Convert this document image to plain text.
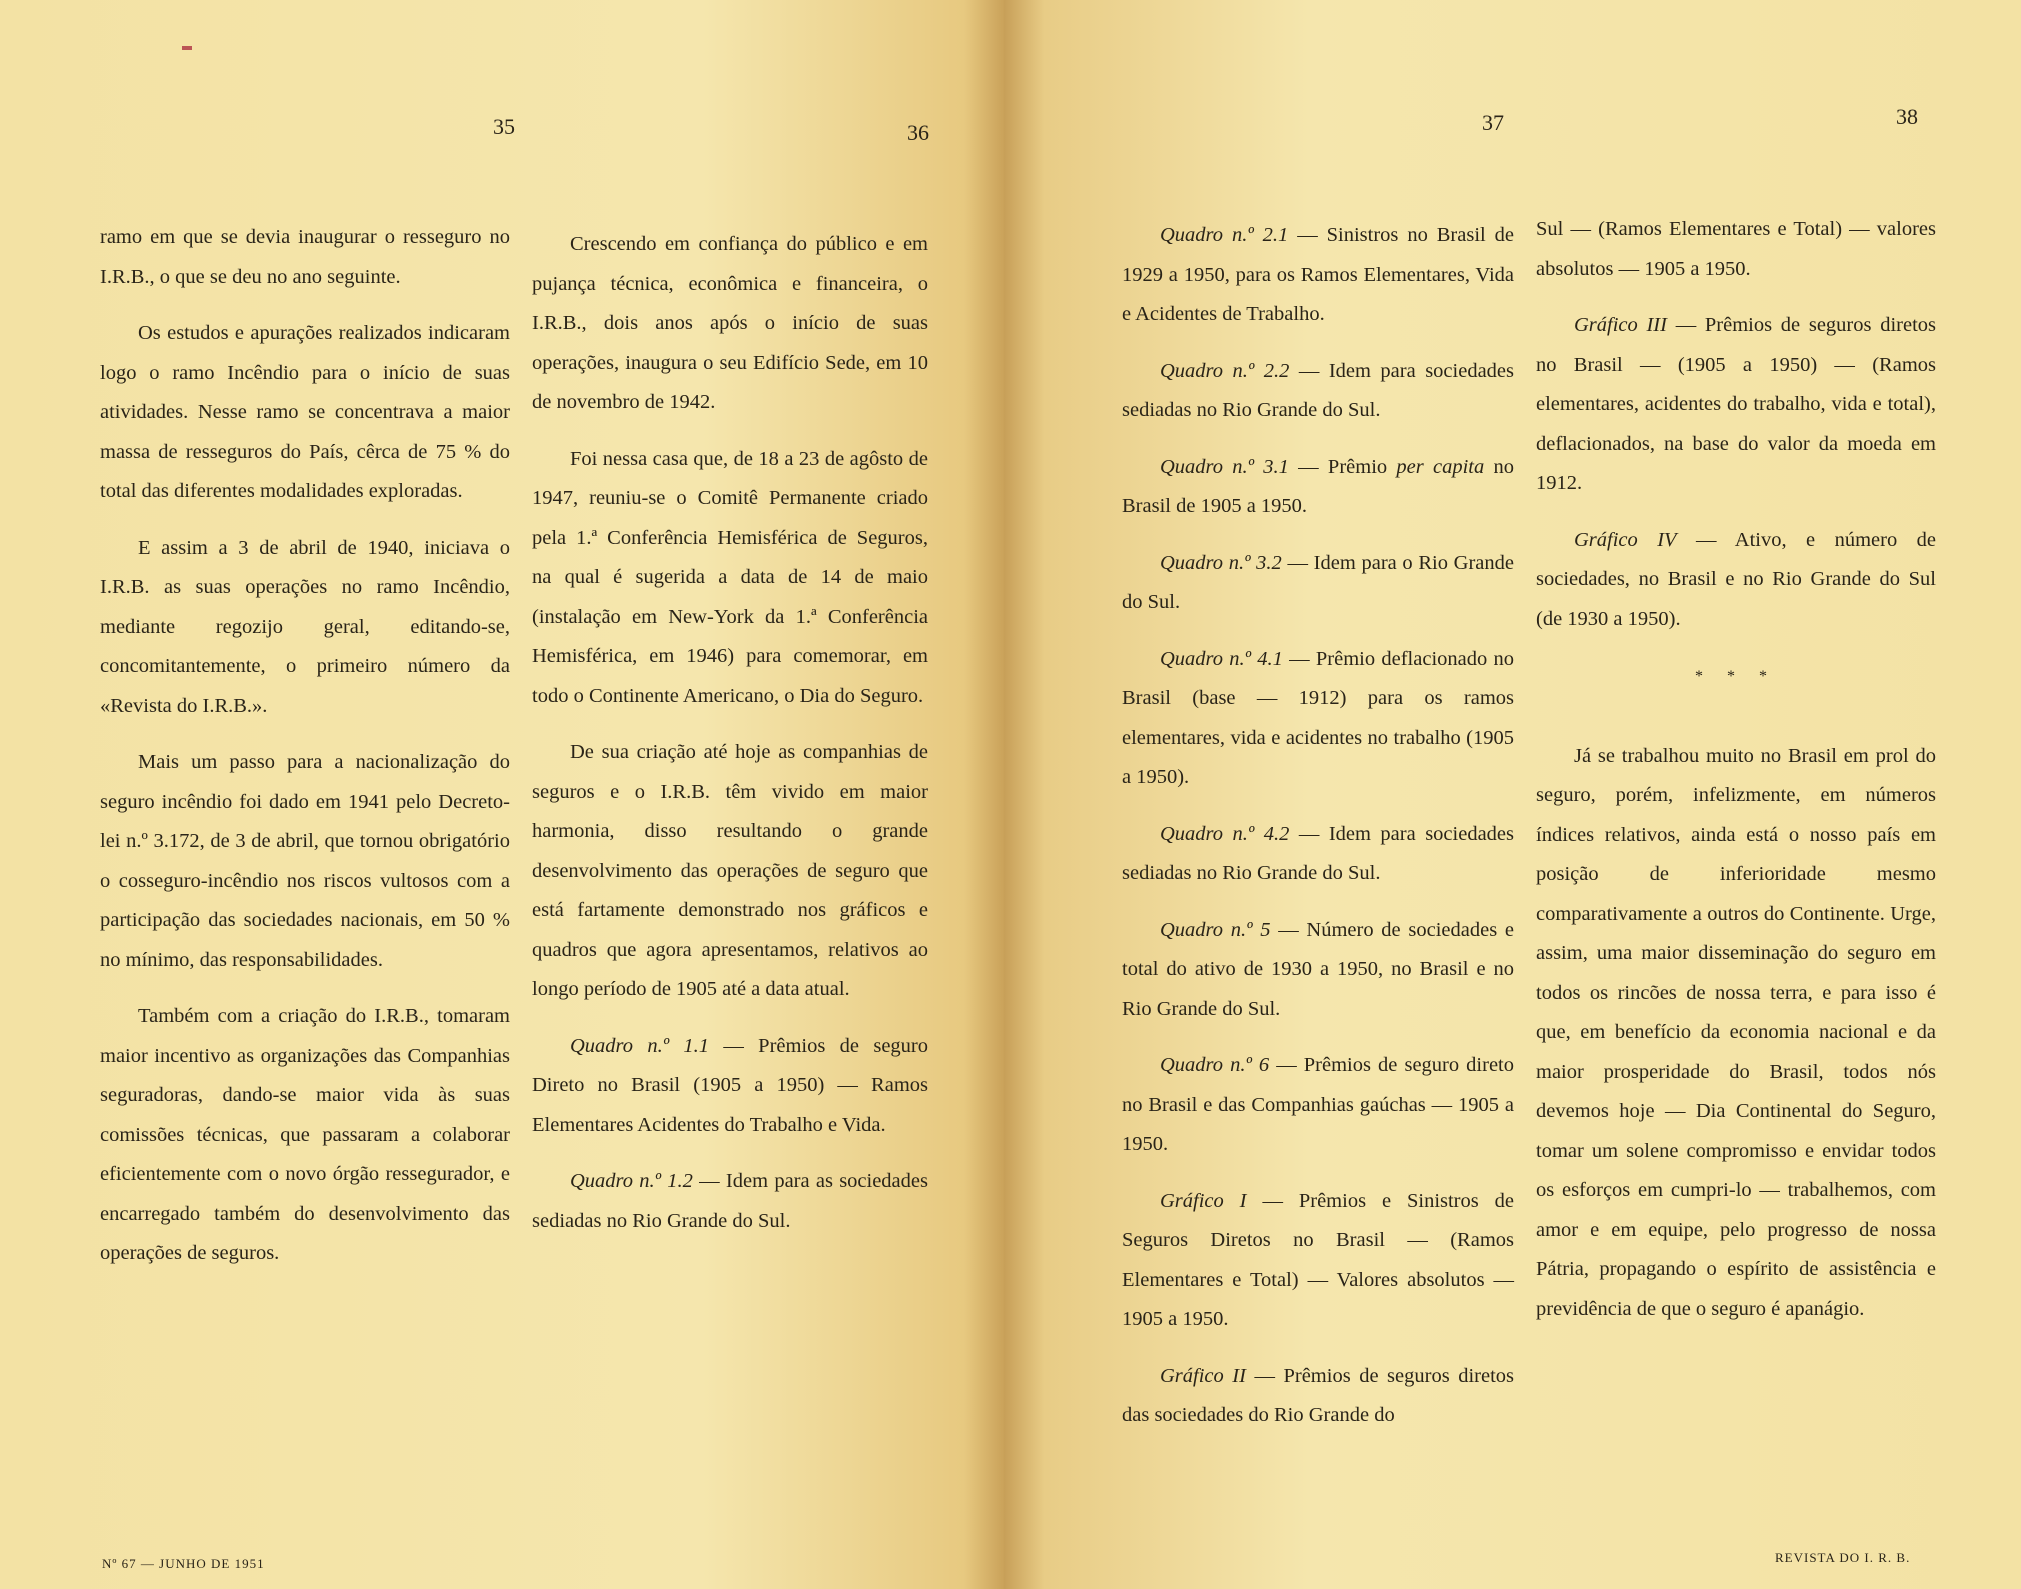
35	36

ramo em que se devia inaugurar o resseguro no I.R.B., o que se deu no ano seguinte.

Os estudos e apurações realizados indicaram logo o ramo Incêndio para o início de suas atividades. Nesse ramo se concentrava a maior massa de resseguros do País, cêrca de 75 % do total das diferentes modalidades exploradas.

E assim a 3 de abril de 1940, iniciava o I.R.B. as suas operações no ramo Incêndio, mediante regozijo geral, editando-se, concomitantemente, o primeiro número da «Revista do I.R.B.».

Mais um passo para a nacionalização do seguro incêndio foi dado em 1941 pelo Decreto-lei n.º 3.172, de 3 de abril, que tornou obrigatório o cosseguro-incêndio nos riscos vultosos com a participação das sociedades nacionais, em 50 % no mínimo, das responsabilidades.

Também com a criação do I.R.B., tomaram maior incentivo as organizações das Companhias seguradoras, dando-se maior vida às suas comissões técnicas, que passaram a colaborar eficientemente com o novo órgão ressegurador, e encarregado também do desenvolvimento das operações de seguros.

Crescendo em confiança do público e em pujança técnica, econômica e financeira, o I.R.B., dois anos após o início de suas operações, inaugura o seu Edifício Sede, em 10 de novembro de 1942.

Foi nessa casa que, de 18 a 23 de agôsto de 1947, reuniu-se o Comitê Permanente criado pela 1.ª Conferência Hemisférica de Seguros, na qual é sugerida a data de 14 de maio (instalação em New-York da 1.ª Conferência Hemisférica, em 1946) para comemorar, em todo o Continente Americano, o Dia do Seguro.

De sua criação até hoje as companhias de seguros e o I.R.B. têm vivido em maior harmonia, disso resultando o grande desenvolvimento das operações de seguro que está fartamente demonstrado nos gráficos e quadros que agora apresentamos, relativos ao longo período de 1905 até a data atual.

Quadro n.º 1.1 — Prêmios de seguro Direto no Brasil (1905 a 1950) — Ramos Elementares Acidentes do Trabalho e Vida.

Quadro n.º 1.2 — Idem para as sociedades sediadas no Rio Grande do Sul.

Nº 67 — JUNHO DE 1951
37	38

Quadro n.º 2.1 — Sinistros no Brasil de 1929 a 1950, para os Ramos Elementares, Vida e Acidentes de Trabalho.

Quadro n.º 2.2 — Idem para sociedades sediadas no Rio Grande do Sul.

Quadro n.º 3.1 — Prêmio per capita no Brasil de 1905 a 1950.

Quadro n.º 3.2 — Idem para o Rio Grande do Sul.

Quadro n.º 4.1 — Prêmio deflacionado no Brasil (base — 1912) para os ramos elementares, vida e acidentes no trabalho (1905 a 1950).

Quadro n.º 4.2 — Idem para sociedades sediadas no Rio Grande do Sul.

Quadro n.º 5 — Número de sociedades e total do ativo de 1930 a 1950, no Brasil e no Rio Grande do Sul.

Quadro n.º 6 — Prêmios de seguro direto no Brasil e das Companhias gaúchas — 1905 a 1950.

Gráfico I — Prêmios e Sinistros de Seguros Diretos no Brasil — (Ramos Elementares e Total) — Valores absolutos — 1905 a 1950.

Gráfico II — Prêmios de seguros diretos das sociedades do Rio Grande do

Sul — (Ramos Elementares e Total) — valores absolutos — 1905 a 1950.

Gráfico III — Prêmios de seguros diretos no Brasil — (1905 a 1950) — (Ramos elementares, acidentes do trabalho, vida e total), deflacionados, na base do valor da moeda em 1912.

Gráfico IV — Ativo, e número de sociedades, no Brasil e no Rio Grande do Sul (de 1930 a 1950).

* * *

Já se trabalhou muito no Brasil em prol do seguro, porém, infelizmente, em números índices relativos, ainda está o nosso país em posição de inferioridade mesmo comparativamente a outros do Continente. Urge, assim, uma maior disseminação do seguro em todos os rincões de nossa terra, e para isso é que, em benefício da economia nacional e da maior prosperidade do Brasil, todos nós devemos hoje — Dia Continental do Seguro, tomar um solene compromisso e envidar todos os esforços em cumpri-lo — trabalhemos, com amor e em equipe, pelo progresso de nossa Pátria, propagando o espírito de assistência e previdência de que o seguro é apanágio.

REVISTA DO I. R. B.
